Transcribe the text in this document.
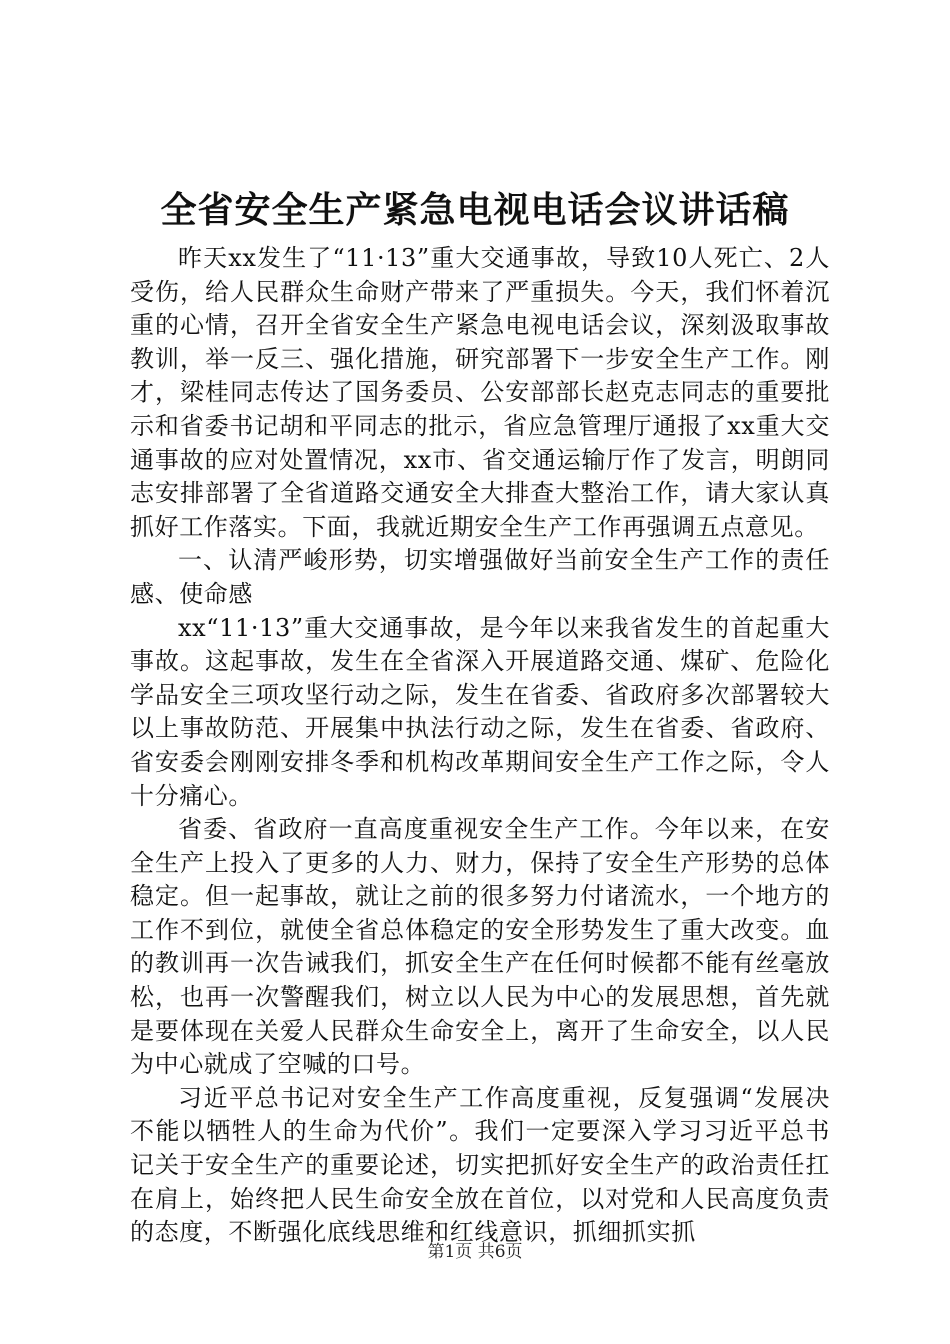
全省安全生产紧急电视电话会议讲话稿

昨天xx发生了“11·13”重大交通事故，导致10人死亡、2人受伤，给人民群众生命财产带来了严重损失。今天，我们怀着沉重的心情，召开全省安全生产紧急电视电话会议，深刻汲取事故教训，举一反三、强化措施，研究部署下一步安全生产工作。刚才，梁桂同志传达了国务委员、公安部部长赵克志同志的重要批示和省委书记胡和平同志的批示，省应急管理厅通报了xx重大交通事故的应对处置情况，xx市、省交通运输厅作了发言，明朗同志安排部署了全省道路交通安全大排查大整治工作，请大家认真抓好工作落实。下面，我就近期安全生产工作再强调五点意见。

一、认清严峻形势，切实增强做好当前安全生产工作的责任感、使命感

xx“11·13”重大交通事故，是今年以来我省发生的首起重大事故。这起事故，发生在全省深入开展道路交通、煤矿、危险化学品安全三项攻坚行动之际，发生在省委、省政府多次部署较大以上事故防范、开展集中执法行动之际，发生在省委、省政府、省安委会刚刚安排冬季和机构改革期间安全生产工作之际，令人十分痛心。

省委、省政府一直高度重视安全生产工作。今年以来，在安全生产上投入了更多的人力、财力，保持了安全生产形势的总体稳定。但一起事故，就让之前的很多努力付诸流水，一个地方的工作不到位，就使全省总体稳定的安全形势发生了重大改变。血的教训再一次告诫我们，抓安全生产在任何时候都不能有丝毫放松，也再一次警醒我们，树立以人民为中心的发展思想，首先就是要体现在关爱人民群众生命安全上，离开了生命安全，以人民为中心就成了空喊的口号。

习近平总书记对安全生产工作高度重视，反复强调“发展决不能以牺牲人的生命为代价”。我们一定要深入学习习近平总书记关于安全生产的重要论述，切实把抓好安全生产的政治责任扛在肩上，始终把人民生命安全放在首位，以对党和人民高度负责的态度，不断强化底线思维和红线意识，抓细抓实抓

第1页 共6页
